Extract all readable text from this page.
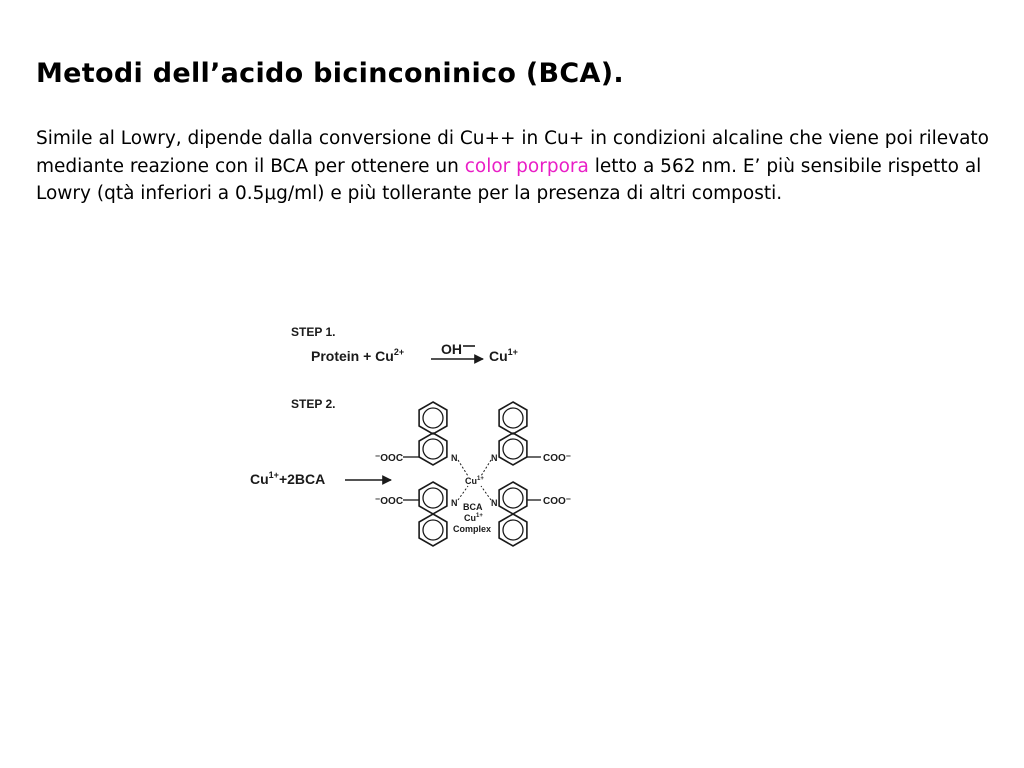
Metodi dell’acido bicinconinico (BCA).

Simile al Lowry, dipende dalla conversione di Cu++ in Cu+ in condizioni alcaline che viene poi rilevato mediante reazione con il BCA per ottenere un color porpora letto a 562 nm. E’ più sensibile rispetto al Lowry (qtà inferiori a 0.5μg/ml) e più tollerante per la presenza di altri composti.

STEP 1.
Protein + $Cu^{2+}$	OH $Cu^{1+}$
STEP 2.
$Cu^{1+}+2BCA$
⁻OOC
⁻OOC
COO⁻
COO⁻
N	N
N	N
$Cu^{1+}$
BCA
$Cu^{1+}$
Complex
